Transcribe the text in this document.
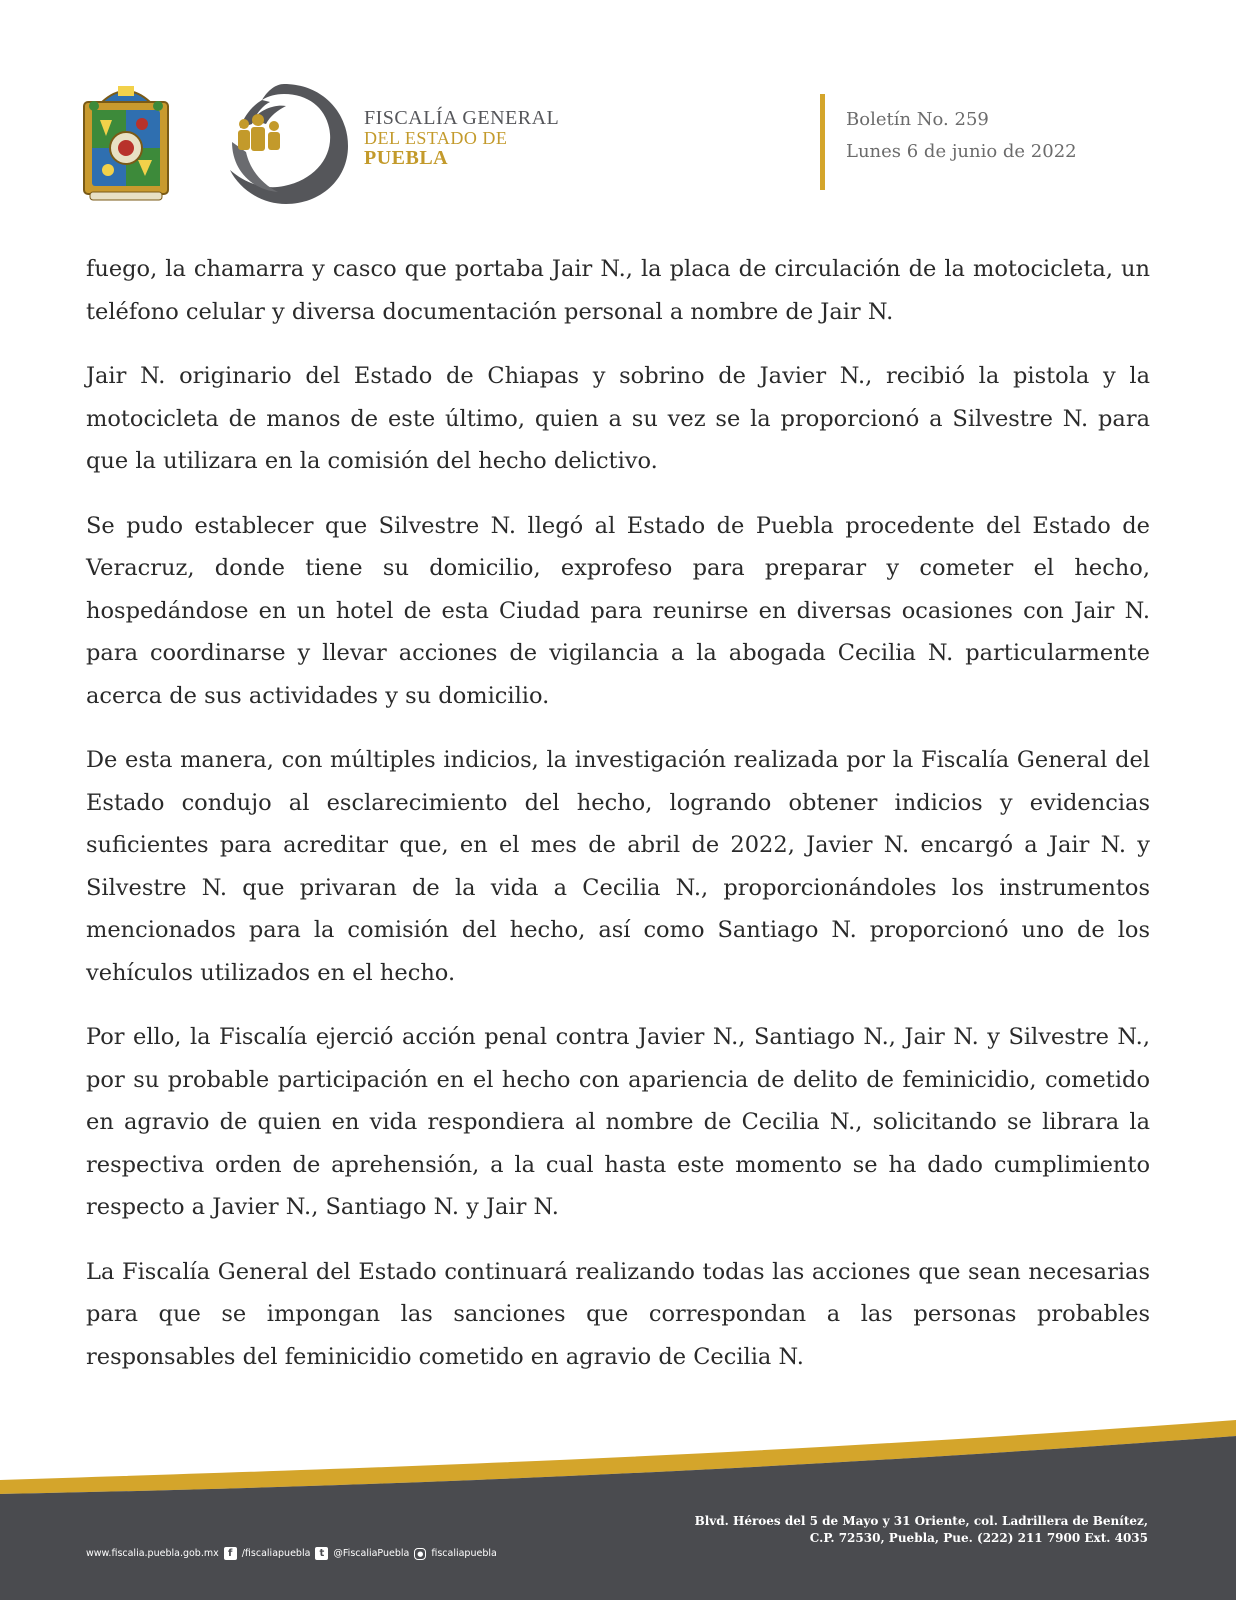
FISCALÍA GENERAL
DEL ESTADO DE
PUEBLA
Boletín No. 259
Lunes 6 de junio de 2022

fuego, la chamarra y casco que portaba Jair N., la placa de circulación de la motocicleta, un teléfono celular y diversa documentación personal a nombre de Jair N.

Jair N. originario del Estado de Chiapas y sobrino de Javier N., recibió la pistola y la motocicleta de manos de este último, quien a su vez se la proporcionó a Silvestre N. para que la utilizara en la comisión del hecho delictivo.

Se pudo establecer que Silvestre N. llegó al Estado de Puebla procedente del Estado de Veracruz, donde tiene su domicilio, exprofeso para preparar y cometer el hecho, hospedándose en un hotel de esta Ciudad para reunirse en diversas ocasiones con Jair N. para coordinarse y llevar acciones de vigilancia a la abogada Cecilia N. particularmente acerca de sus actividades y su domicilio.

De esta manera, con múltiples indicios, la investigación realizada por la Fiscalía General del Estado condujo al esclarecimiento del hecho, logrando obtener indicios y evidencias suficientes para acreditar que, en el mes de abril de 2022, Javier N. encargó a Jair N. y Silvestre N. que privaran de la vida a Cecilia N., proporcionándoles los instrumentos mencionados para la comisión del hecho, así como Santiago N. proporcionó uno de los vehículos utilizados en el hecho.

Por ello, la Fiscalía ejerció acción penal contra Javier N., Santiago N., Jair N. y Silvestre N., por su probable participación en el hecho con apariencia de delito de feminicidio, cometido en agravio de quien en vida respondiera al nombre de Cecilia N., solicitando se librara la respectiva orden de aprehensión, a la cual hasta este momento se ha dado cumplimiento respecto a Javier N., Santiago N. y Jair N.

La Fiscalía General del Estado continuará realizando todas las acciones que sean necesarias para que se impongan las sanciones que correspondan a las personas probables responsables del feminicidio cometido en agravio de Cecilia N.

www.fiscalia.puebla.gob.mx f /fiscaliapuebla t @FiscaliaPuebla	● fiscaliapuebla
Blvd. Héroes del 5 de Mayo y 31 Oriente, col. Ladrillera de Benítez,
C.P. 72530, Puebla, Pue. (222) 211 7900 Ext. 4035
